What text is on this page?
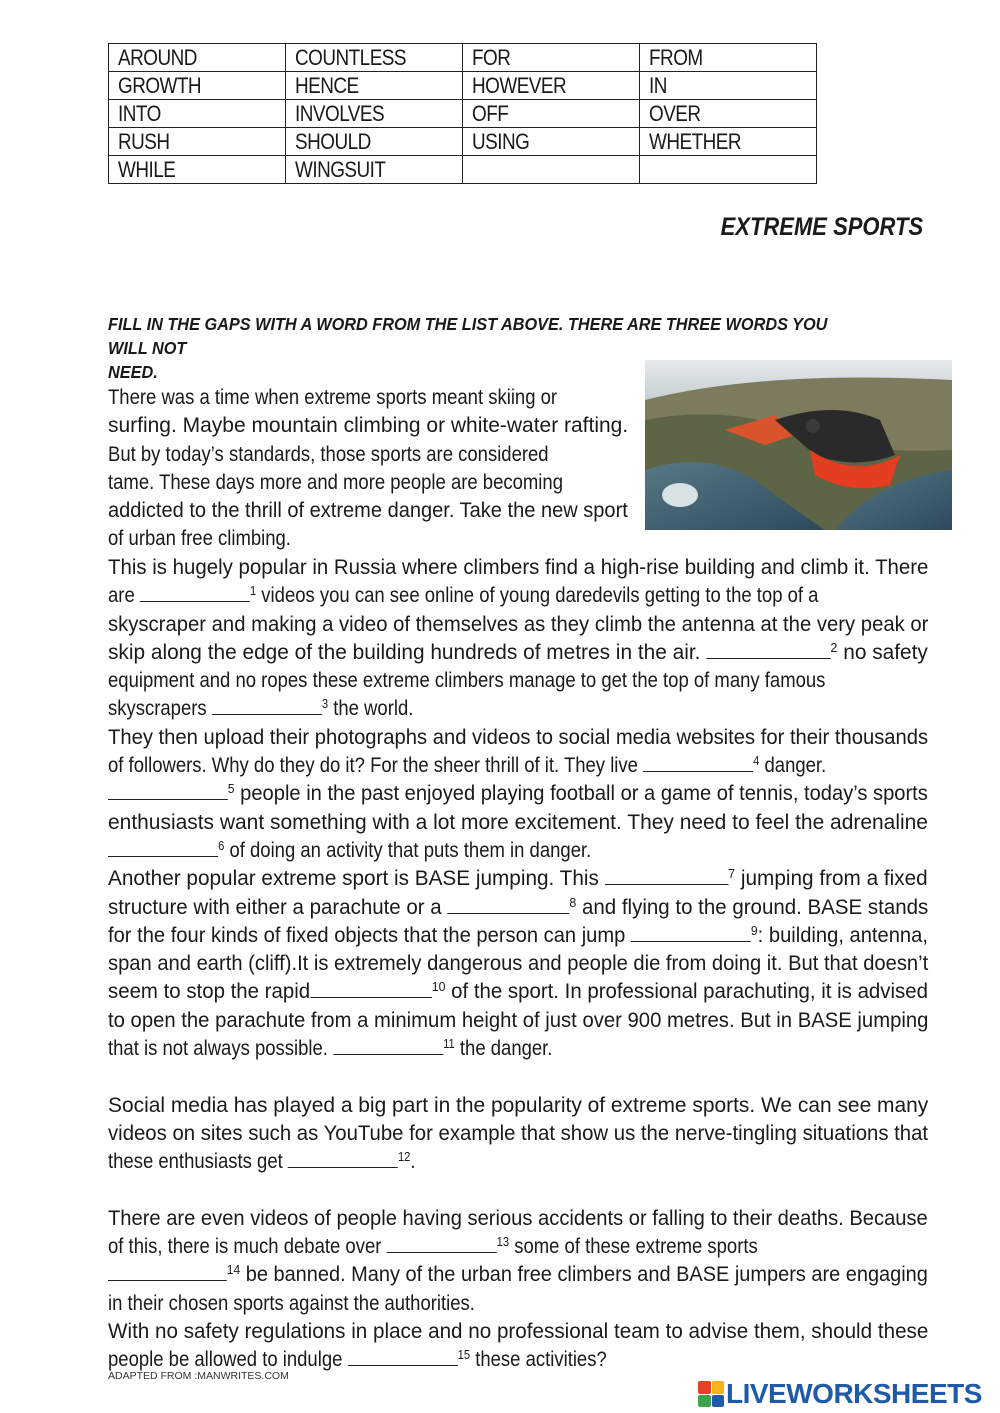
AROUND	COUNTLESS	FOR	FROM
GROWTH	HENCE	HOWEVER	IN
INTO	INVOLVES	OFF	OVER
RUSH	SHOULD	USING	WHETHER
WHILE	WINGSUIT		
EXTREME SPORTS
FILL IN THE GAPS WITH A WORD FROM THE LIST ABOVE. THERE ARE THREE WORDS YOU WILL NOT
NEED.
There was a time when extreme sports meant skiing or
surfing. Maybe mountain climbing or white-water rafting.
But by today’s standards, those sports are considered
tame. These days more and more people are becoming
addicted to the thrill of extreme danger. Take the new sport
of urban free climbing.
This is hugely popular in Russia where climbers find a high-rise building and climb it. There
are	$^1$ videos you can see online of young daredevils getting to the top of a
skyscraper and making a video of themselves as they climb the antenna at the very peak or
skip along the edge of the building hundreds of metres in the air.	$^2$ no safety
equipment and no ropes these extreme climbers manage to get the top of many famous
skyscrapers	$^3$ the world.
They then upload their photographs and videos to social media websites for their thousands
of followers. Why do they do it? For the sheer thrill of it. They live	$^4$ danger.
$^5$ people in the past enjoyed playing football or a game of tennis, today’s sports
enthusiasts want something with a lot more excitement. They need to feel the adrenaline
$^6$ of doing an activity that puts them in danger.
Another popular extreme sport is BASE jumping. This	$^7$ jumping from a fixed
structure with either a parachute or a	$^8$ and flying to the ground. BASE stands
for the four kinds of fixed objects that the person can jump	$^9$: building, antenna,
span and earth (cliff).It is extremely dangerous and people die from doing it. But that doesn’t
seem to stop the rapid	$^{10}$ of the sport. In professional parachuting, it is advised
to open the parachute from a minimum height of just over 900 metres. But in BASE jumping
that is not always possible.	$^{11}$ the danger.
Social media has played a big part in the popularity of extreme sports. We can see many
videos on sites such as YouTube for example that show us the nerve-tingling situations that
these enthusiasts get	$^{12}$.
There are even videos of people having serious accidents or falling to their deaths. Because
of this, there is much debate over	$^{13}$ some of these extreme sports
$^{14}$ be banned. Many of the urban free climbers and BASE jumpers are engaging
in their chosen sports against the authorities.
With no safety regulations in place and no professional team to advise them, should these
people be allowed to indulge	$^{15}$ these activities?
ADAPTED FROM :MANWRITES.COM
LIVEWORKSHEETS
